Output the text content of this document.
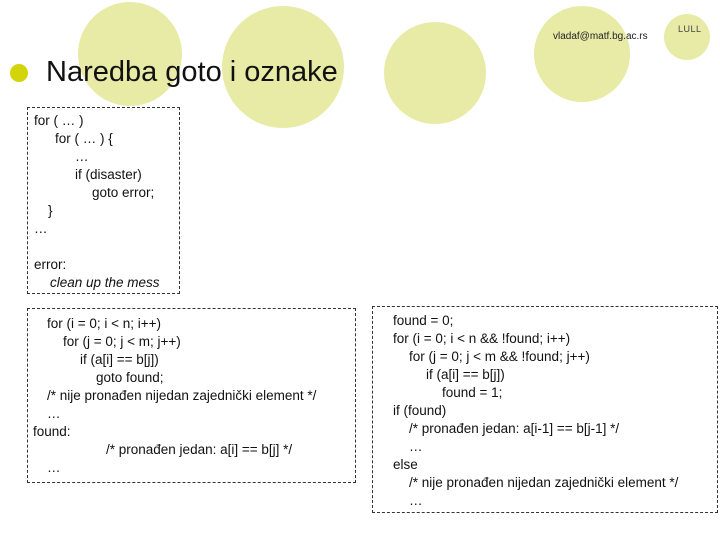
vladaf@matf.bg.ac.rs
LULL
Naredba goto i oznake
for ( … )
for ( … ) {
…
if (disaster)
goto error;
}
…
error:
clean up the mess
for (i = 0; i < n; i++)
for (j = 0; j < m; j++)
if (a[i] == b[j])
goto found;
/* nije pronađen nijedan zajednički element */
…
found:
/* pronađen jedan: a[i] == b[j] */
…
found = 0;
for (i = 0; i < n && !found; i++)
for (j = 0; j < m && !found; j++)
if (a[i] == b[j])
found = 1;
if (found)
/* pronađen jedan: a[i-1] == b[j-1] */
…
else
/* nije pronađen nijedan zajednički element */
…
